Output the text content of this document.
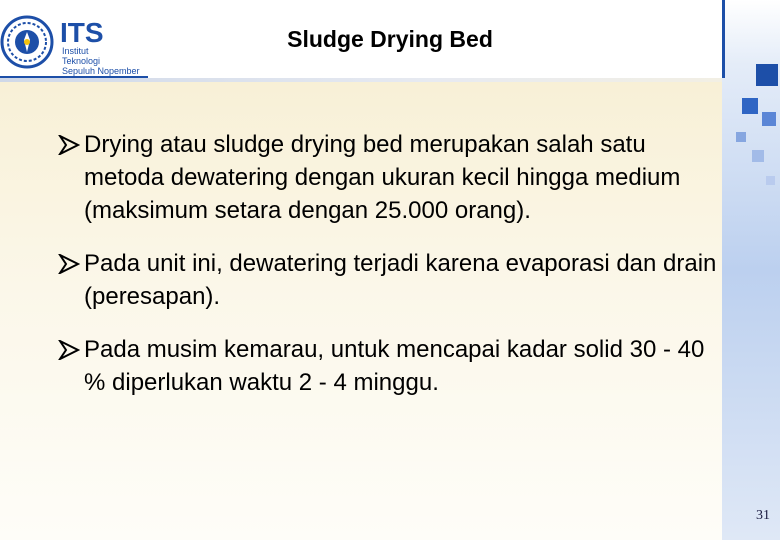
ITS
Institut
Teknologi
Sepuluh Nopember
Sludge Drying Bed
Drying atau sludge drying bed merupakan salah satu metoda dewatering dengan ukuran kecil hingga medium (maksimum setara dengan 25.000 orang).
Pada unit ini, dewatering terjadi karena evaporasi dan drain (peresapan).
Pada musim kemarau, untuk mencapai kadar solid 30 - 40 % diperlukan waktu 2 - 4 minggu.
31
